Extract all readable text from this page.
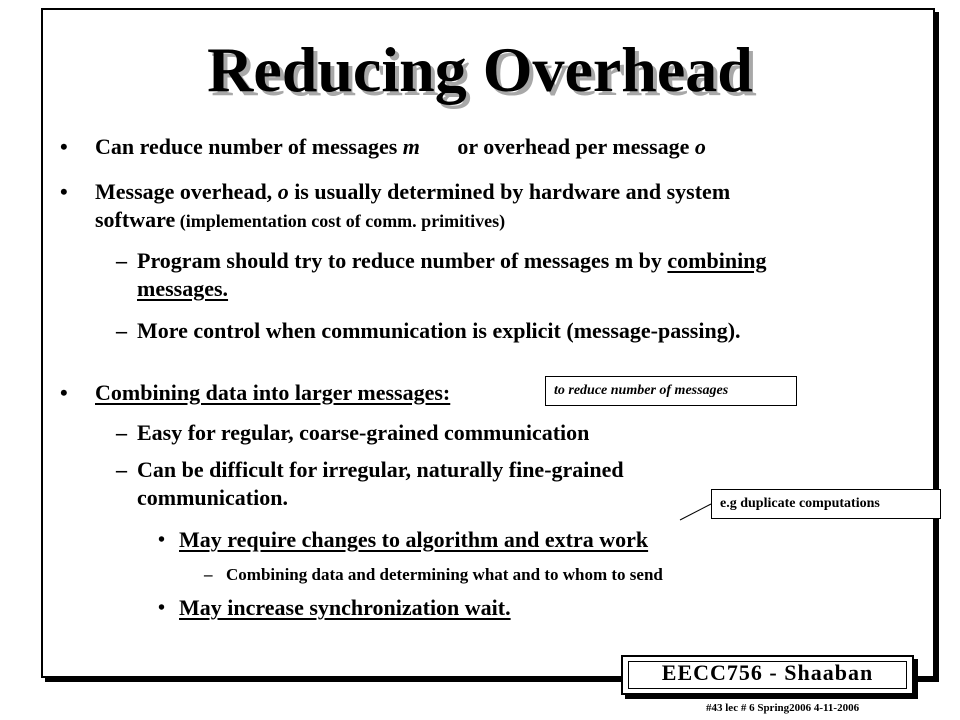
Reducing Overhead
• Can reduce number of messages m or overhead per message o
• Message overhead, o is usually determined by hardware and system
software (implementation cost of comm. primitives)
– Program should try to reduce number of messages m by combining
messages.
– More control when communication is explicit (message-passing).
• Combining data into larger messages:	to reduce number of messages
– Easy for regular, coarse-grained communication
– Can be difficult for irregular, naturally fine-grained
communication.	e.g duplicate computations
• May require changes to algorithm and extra work
– Combining data and determining what and to whom to send
• May increase synchronization wait.
EECC756 - Shaaban
#43 lec # 6 Spring2006 4-11-2006
